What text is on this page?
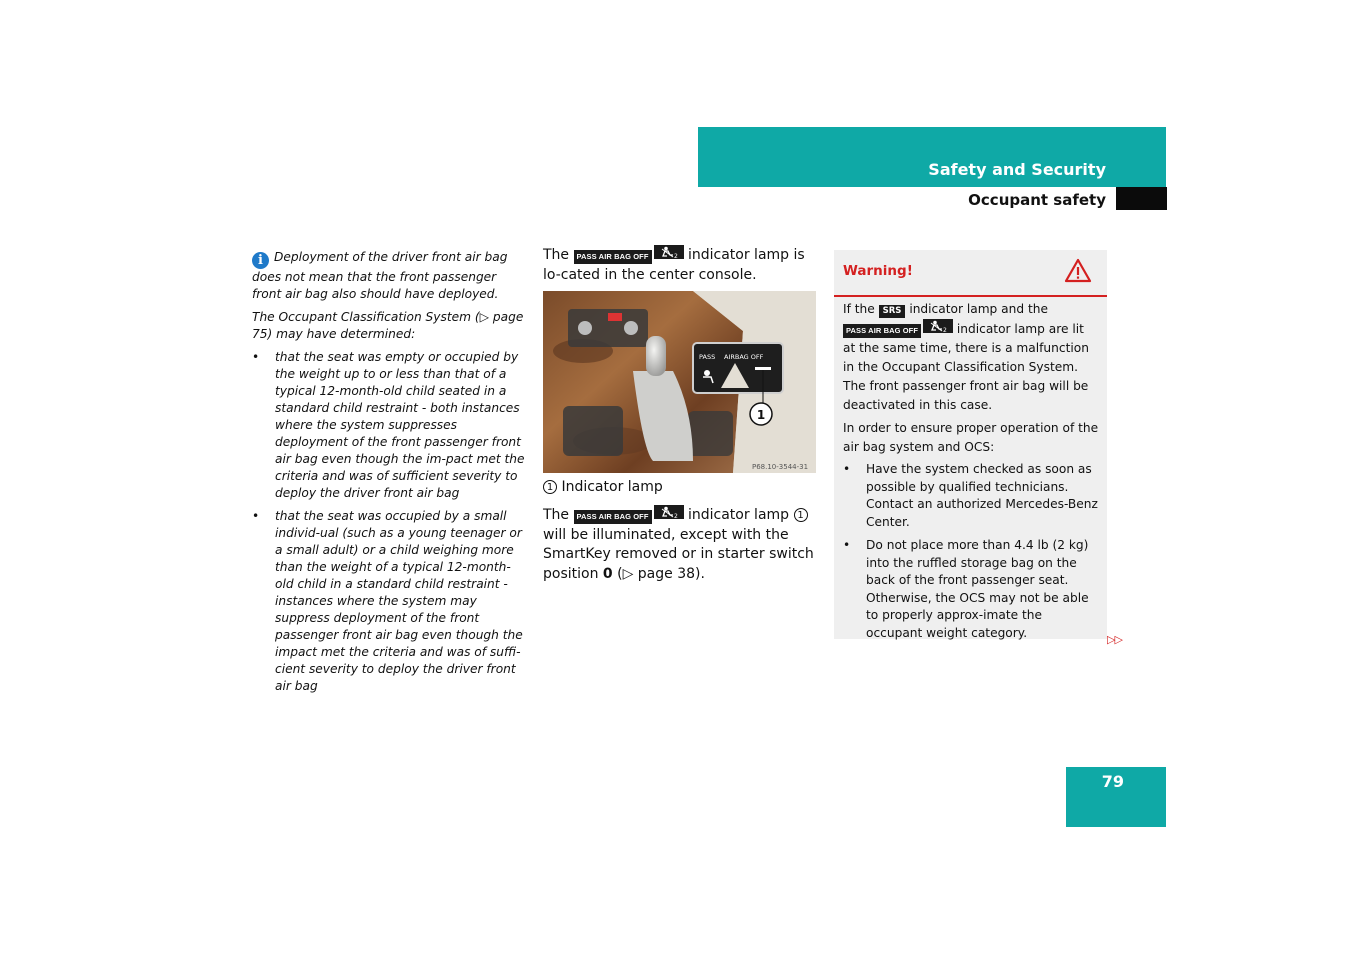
Safety and Security
Occupant safety

i Deployment of the driver front air bag does not mean that the front passenger front air bag also should have deployed.

The Occupant Classification System (▷ page 75) may have determined:

• that the seat was empty or occupied by the weight up to or less than that of a typical 12-month-old child seated in a standard child restraint - both instances where the system suppresses deployment of the front passenger front air bag even though the im-pact met the criteria and was of sufficient severity to deploy the driver front air bag
• that the seat was occupied by a small individ-ual (such as a young teenager or a small adult) or a child weighing more than the weight of a typical 12-month-old child in a standard child restraint - instances where the system may suppress deployment of the front passenger front air bag even though the impact met the criteria and was of suffi-cient severity to deploy the driver front air bag

The PASS AIR BAG OFF	2 indicator lamp is lo-cated in the center console.

PASS AIRBAG OFF
1
P68.10-3544-31
1 Indicator lamp
The PASS AIR BAG OFF	2 indicator lamp 1 will be illuminated, except with the SmartKey removed or in starter switch position 0 (▷ page 38).
Warning!

If the SRS indicator lamp and the PASS AIR BAG OFF	2 indicator lamp are lit at the same time, there is a malfunction in the Occupant Classification System. The front passenger front air bag will be deactivated in this case.

In order to ensure proper operation of the air bag system and OCS:

• Have the system checked as soon as possible by qualified technicians. Contact an authorized Mercedes-Benz Center.
• Do not place more than 4.4 lb (2 kg) into the ruffled storage bag on the back of the front passenger seat. Otherwise, the OCS may not be able to properly approx-imate the occupant weight category.	▷▷
79
